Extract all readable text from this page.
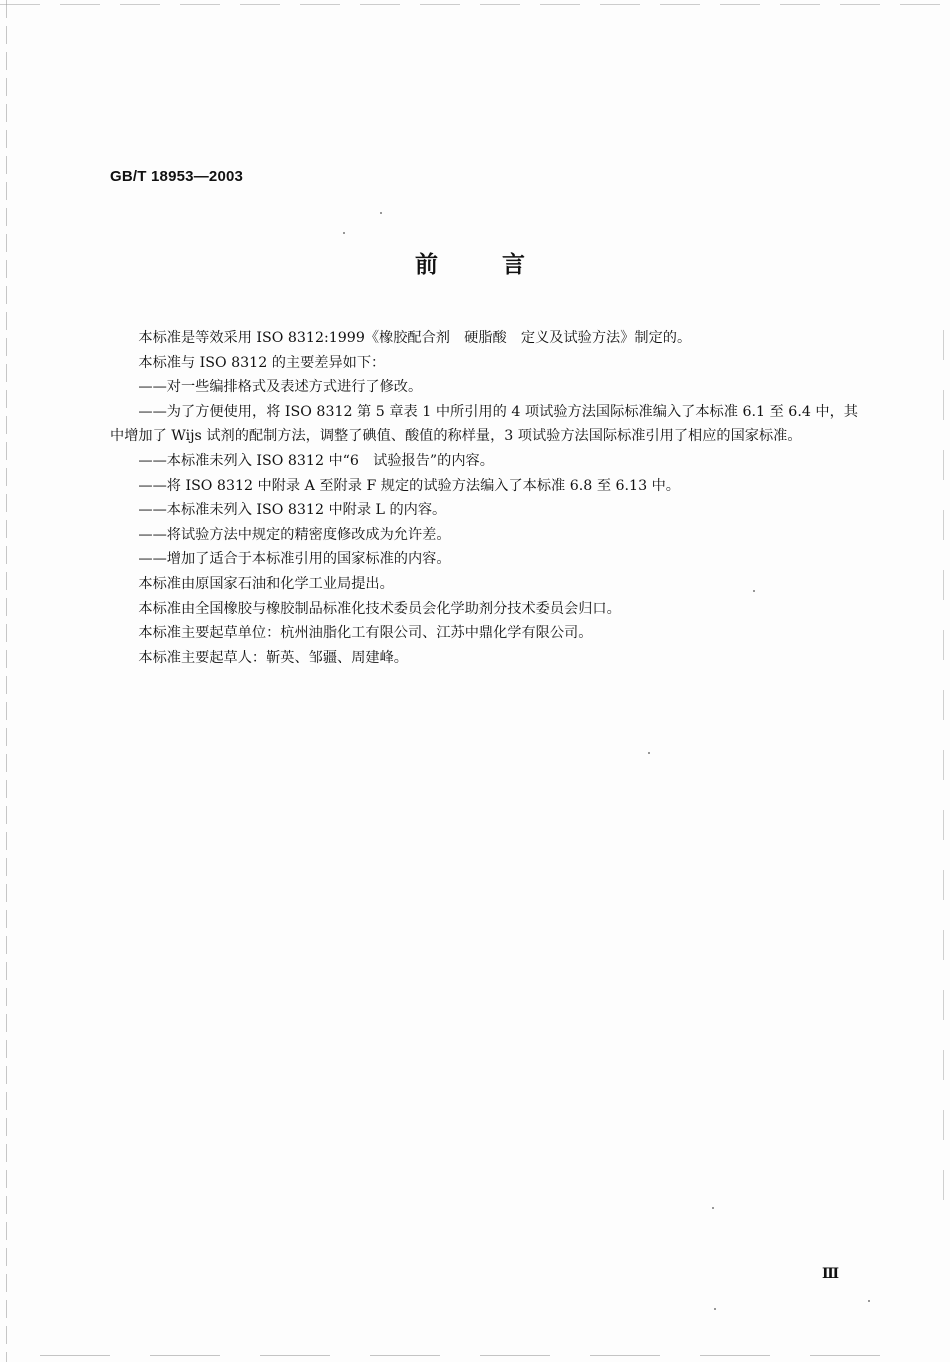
GB/T 18953—2003
前言

本标准是等效采用 ISO 8312:1999《橡胶配合剂　硬脂酸　定义及试验方法》制定的。

本标准与 ISO 8312 的主要差异如下：

——对一些编排格式及表述方式进行了修改。

——为了方便使用，将 ISO 8312 第 5 章表 1 中所引用的 4 项试验方法国际标准编入了本标准 6.1 至 6.4 中，其中增加了 Wijs 试剂的配制方法，调整了碘值、酸值的称样量，3 项试验方法国际标准引用了相应的国家标准。

——本标准未列入 ISO 8312 中“6　试验报告”的内容。

——将 ISO 8312 中附录 A 至附录 F 规定的试验方法编入了本标准 6.8 至 6.13 中。

——本标准未列入 ISO 8312 中附录 L 的内容。

——将试验方法中规定的精密度修改成为允许差。

——增加了适合于本标准引用的国家标准的内容。

本标准由原国家石油和化学工业局提出。

本标准由全国橡胶与橡胶制品标准化技术委员会化学助剂分技术委员会归口。

本标准主要起草单位：杭州油脂化工有限公司、江苏中鼎化学有限公司。

本标准主要起草人：靳英、邹疆、周建峰。

Ⅲ
